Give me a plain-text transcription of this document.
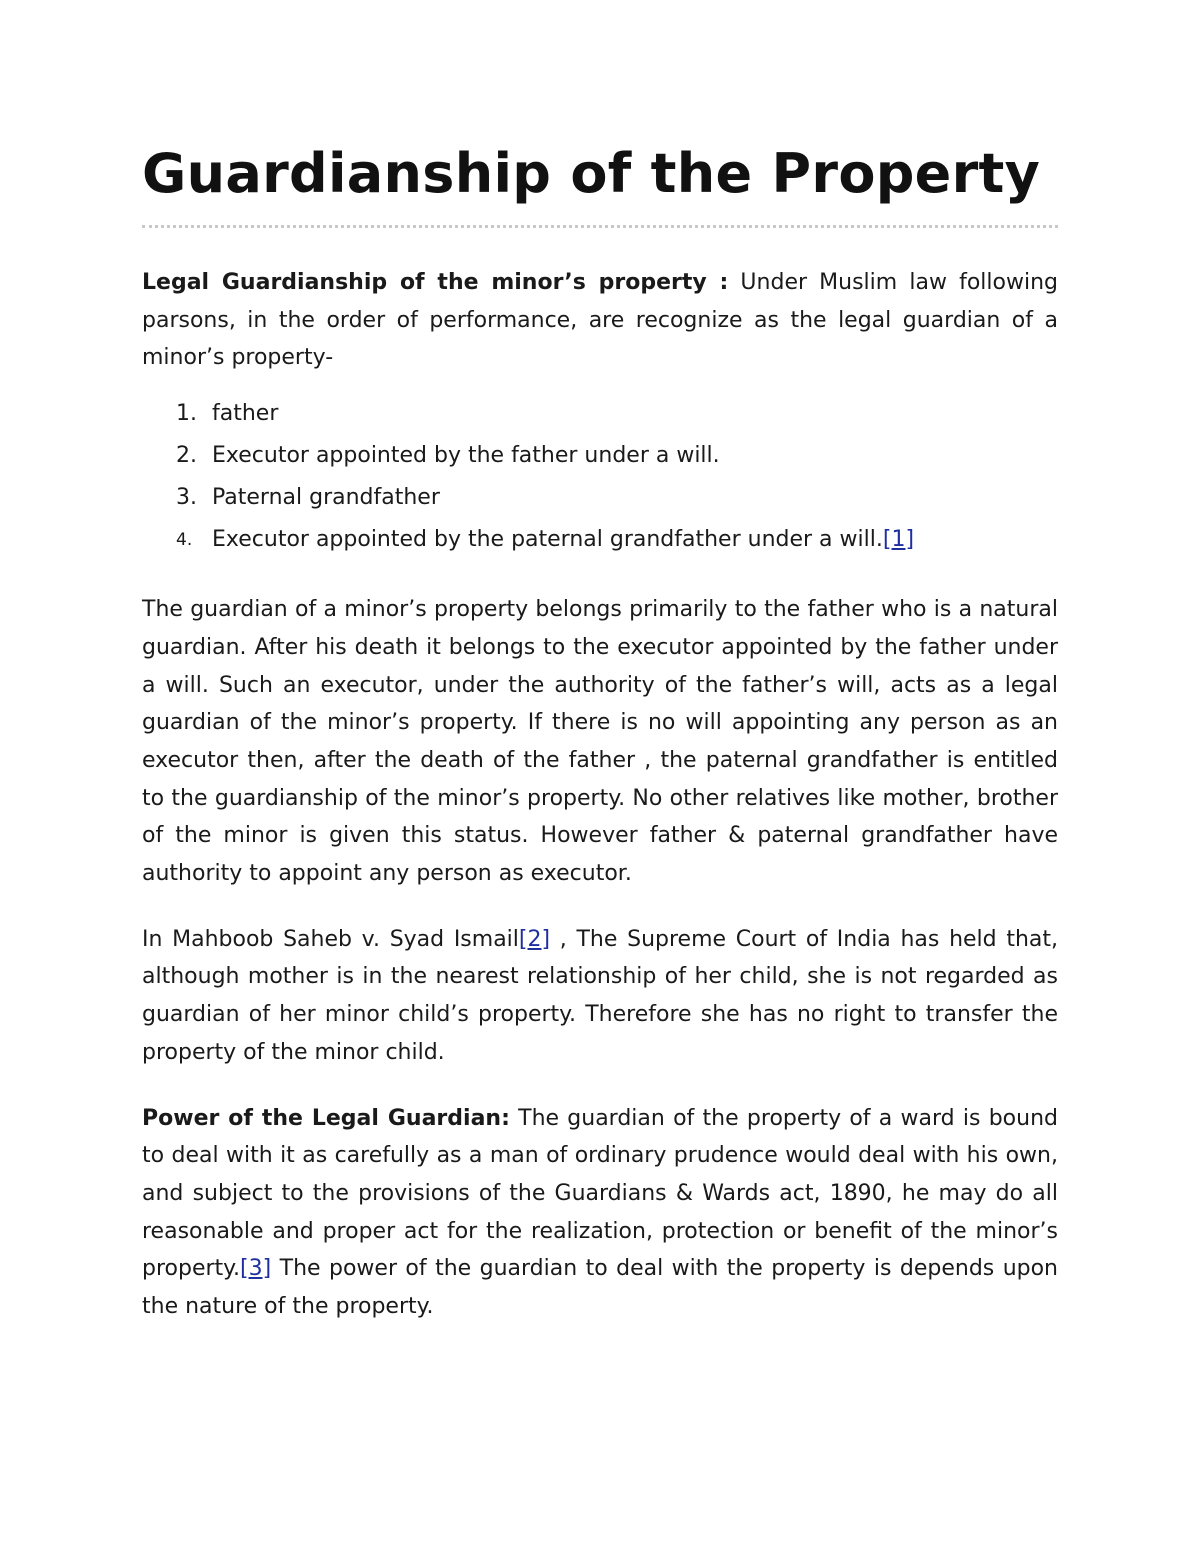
Guardianship of the Property

Legal Guardianship of the minor’s property : Under Muslim law following parsons, in the order of performance, are recognize as the legal guardian of a minor’s property-

1. father
2. Executor appointed by the father under a will.
3. Paternal grandfather
4. Executor appointed by the paternal grandfather under a will.[1]

The guardian of a minor’s property belongs primarily to the father who is a natural guardian. After his death it belongs to the executor appointed by the father under a will. Such an executor, under the authority of the father’s will, acts as a legal guardian of the minor’s property. If there is no will appointing any person as an executor then, after the death of the father , the paternal grandfather is entitled to the guardianship of the minor’s property. No other relatives like mother, brother of the minor is given this status. However father & paternal grandfather have authority to appoint any person as executor.

In Mahboob Saheb v. Syad Ismail[2] , The Supreme Court of India has held that, although mother is in the nearest relationship of her child, she is not regarded as guardian of her minor child’s property. Therefore she has no right to transfer the property of the minor child.

Power of the Legal Guardian: The guardian of the property of a ward is bound to deal with it as carefully as a man of ordinary prudence would deal with his own, and subject to the provisions of the Guardians & Wards act, 1890, he may do all reasonable and proper act for the realization, protection or benefit of the minor’s property.[3] The power of the guardian to deal with the property is depends upon the nature of the property.
